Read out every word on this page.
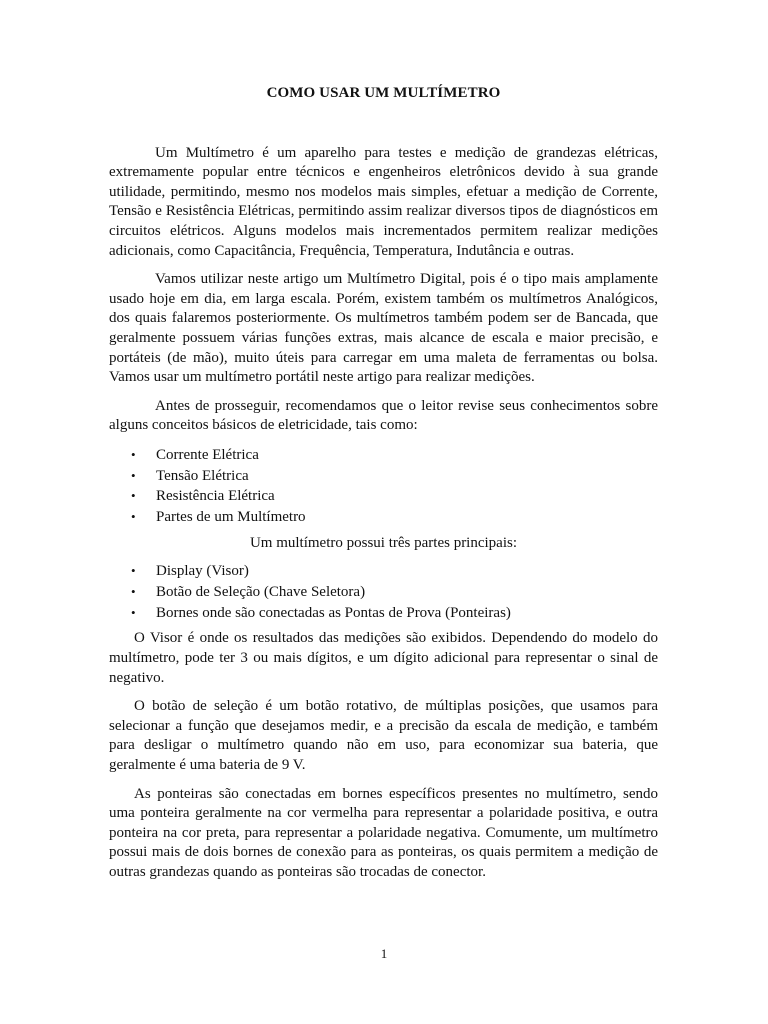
COMO USAR UM MULTÍMETRO

Um Multímetro é um aparelho para testes e medição de grandezas elétricas, extremamente popular entre técnicos e engenheiros eletrônicos devido à sua grande utilidade, permitindo, mesmo nos modelos mais simples, efetuar a medição de Corrente, Tensão e Resistência Elétricas, permitindo assim realizar diversos tipos de diagnósticos em circuitos elétricos. Alguns modelos mais incrementados permitem realizar medições adicionais, como Capacitância, Frequência, Temperatura, Indutância e outras.

Vamos utilizar neste artigo um Multímetro Digital, pois é o tipo mais amplamente usado hoje em dia, em larga escala. Porém, existem também os multímetros Analógicos, dos quais falaremos posteriormente. Os multímetros também podem ser de Bancada, que geralmente possuem várias funções extras, mais alcance de escala e maior precisão, e portáteis (de mão), muito úteis para carregar em uma maleta de ferramentas ou bolsa. Vamos usar um multímetro portátil neste artigo para realizar medições.

Antes de prosseguir, recomendamos que o leitor revise seus conhecimentos sobre alguns conceitos básicos de eletricidade, tais como:

• Corrente Elétrica
• Tensão Elétrica
• Resistência Elétrica
• Partes de um Multímetro

Um multímetro possui três partes principais:

• Display (Visor)
• Botão de Seleção (Chave Seletora)
• Bornes onde são conectadas as Pontas de Prova (Ponteiras)

O Visor é onde os resultados das medições são exibidos. Dependendo do modelo do multímetro, pode ter 3 ou mais dígitos, e um dígito adicional para representar o sinal de negativo.

O botão de seleção é um botão rotativo, de múltiplas posições, que usamos para selecionar a função que desejamos medir, e a precisão da escala de medição, e também para desligar o multímetro quando não em uso, para economizar sua bateria, que geralmente é uma bateria de 9 V.

As ponteiras são conectadas em bornes específicos presentes no multímetro, sendo uma ponteira geralmente na cor vermelha para representar a polaridade positiva, e outra ponteira na cor preta, para representar a polaridade negativa. Comumente, um multímetro possui mais de dois bornes de conexão para as ponteiras, os quais permitem a medição de outras grandezas quando as ponteiras são trocadas de conector.

1
